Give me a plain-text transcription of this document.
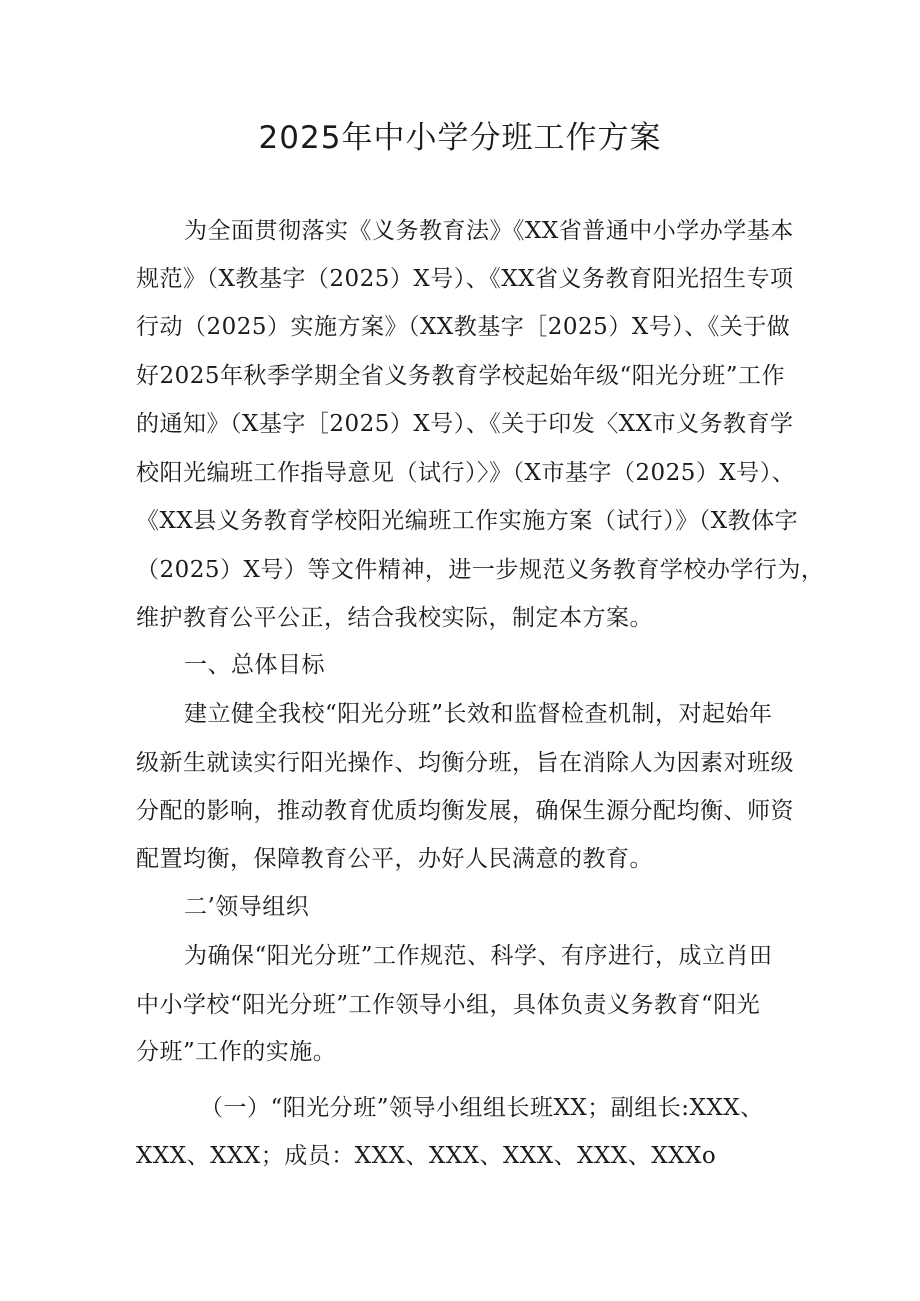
2025年中小学分班工作方案
为全面贯彻落实《义务教育法》《XX省普通中小学办学基本
规范》（X教基字（2025）X号）、《XX省义务教育阳光招生专项
行动（2025）实施方案》（XX教基字［2025）X号）、《关于做
好2025年秋季学期全省义务教育学校起始年级“阳光分班”工作
的通知》（X基字［2025）X号）、《关于印发〈XX市义务教育学
校阳光编班工作指导意见（试行）〉》（X市基字（2025）X号）、
《XX县义务教育学校阳光编班工作实施方案（试行）》（X教体字
（2025）X号）等文件精神，进一步规范义务教育学校办学行为，
维护教育公平公正，结合我校实际，制定本方案。
一、总体目标
建立健全我校“阳光分班”长效和监督检查机制，对起始年
级新生就读实行阳光操作、均衡分班，旨在消除人为因素对班级
分配的影响，推动教育优质均衡发展，确保生源分配均衡、师资
配置均衡，保障教育公平，办好人民满意的教育。
二’领导组织
为确保“阳光分班”工作规范、科学、有序进行，成立肖田
中小学校“阳光分班”工作领导小组，具体负责义务教育“阳光
分班”工作的实施。
（一）“阳光分班”领导小组组长班XX；副组长:XXX、
XXX、XXX；成员：XXX、XXX、XXX、XXX、XXXo
